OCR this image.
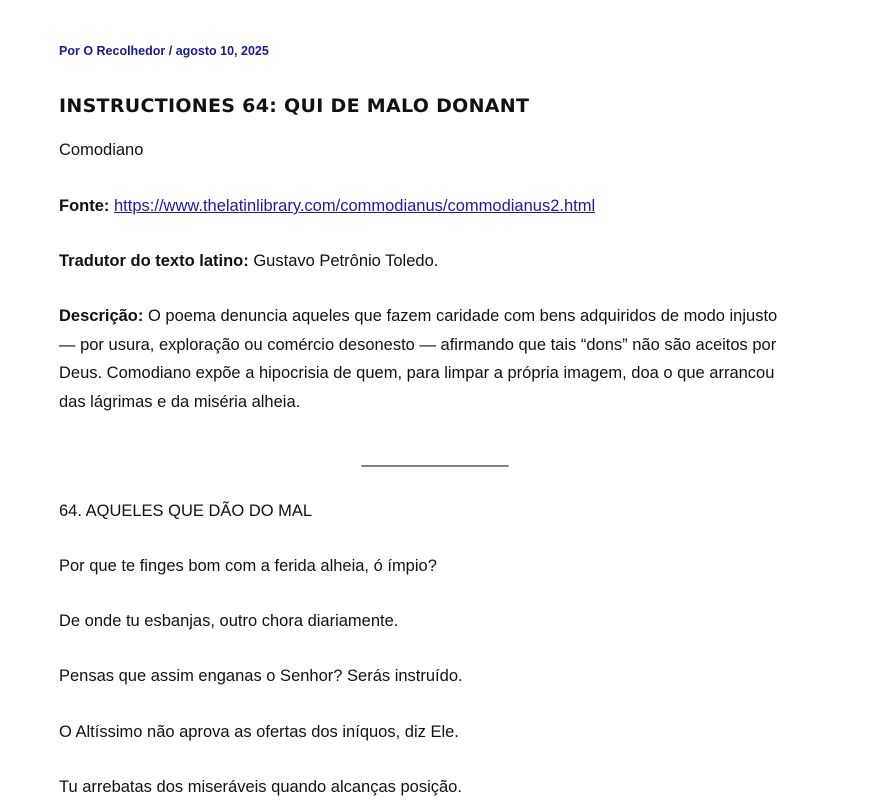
Por O Recolhedor / agosto 10, 2025
INSTRUCTIONES 64: QUI DE MALO DONANT

Comodiano

Fonte: https://www.thelatinlibrary.com/commodianus/commodianus2.html

Tradutor do texto latino: Gustavo Petrônio Toledo.

Descrição: O poema denuncia aqueles que fazem caridade com bens adquiridos de modo injusto
— por usura, exploração ou comércio desonesto — afirmando que tais “dons” não são aceitos por
Deus. Comodiano expõe a hipocrisia de quem, para limpar a própria imagem, doa o que arrancou
das lágrimas e da miséria alheia.
________________

64. AQUELES QUE DÃO DO MAL

Por que te finges bom com a ferida alheia, ó ímpio?

De onde tu esbanjas, outro chora diariamente.

Pensas que assim enganas o Senhor? Serás instruído.

O Altíssimo não aprova as ofertas dos iníquos, diz Ele.

Tu arrebatas dos miseráveis quando alcanças posição.
